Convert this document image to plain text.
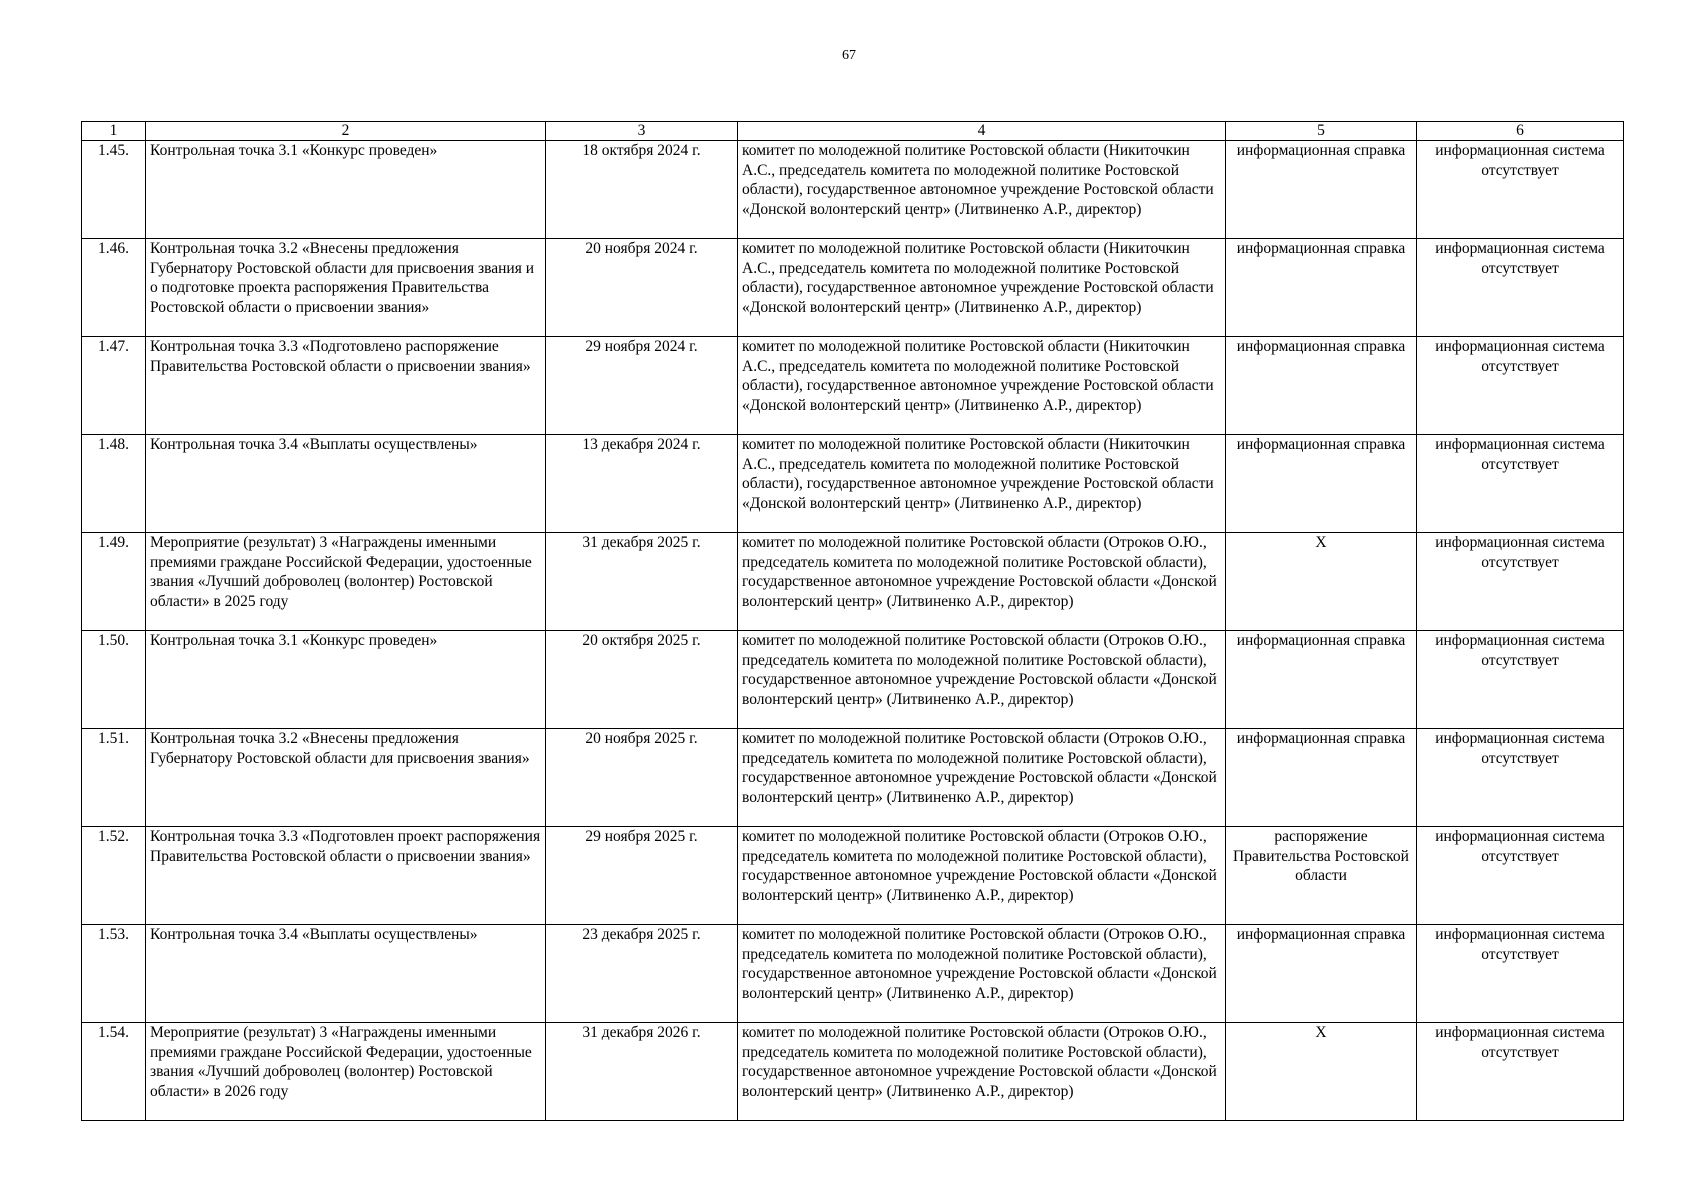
67
1	2	3	4	5	6
1.45.	Контрольная точка 3.1 «Конкурс проведен»	18 октября 2024 г.	комитет по молодежной политике Ростовской области (Никиточкин А.С., председатель комитета по молодежной политике Ростовской области), государственное автономное учреждение Ростовской области «Донской волонтерский центр» (Литвиненко А.Р., директор)	информационная справка	информационная система отсутствует
1.46.	Контрольная точка 3.2 «Внесены предложения Губернатору Ростовской области для присвоения звания и о подготовке проекта распоряжения Правительства Ростовской области о присвоении звания»	20 ноября 2024 г.	комитет по молодежной политике Ростовской области (Никиточкин А.С., председатель комитета по молодежной политике Ростовской области), государственное автономное учреждение Ростовской области «Донской волонтерский центр» (Литвиненко А.Р., директор)	информационная справка	информационная система отсутствует
1.47.	Контрольная точка 3.3 «Подготовлено распоряжение Правительства Ростовской области о присвоении звания»	29 ноября 2024 г.	комитет по молодежной политике Ростовской области (Никиточкин А.С., председатель комитета по молодежной политике Ростовской области), государственное автономное учреждение Ростовской области «Донской волонтерский центр» (Литвиненко А.Р., директор)	информационная справка	информационная система отсутствует
1.48.	Контрольная точка 3.4 «Выплаты осуществлены»	13 декабря 2024 г.	комитет по молодежной политике Ростовской области (Никиточкин А.С., председатель комитета по молодежной политике Ростовской области), государственное автономное учреждение Ростовской области «Донской волонтерский центр» (Литвиненко А.Р., директор)	информационная справка	информационная система отсутствует
1.49.	Мероприятие (результат) 3 «Награждены именными премиями граждане Российской Федерации, удостоенные звания «Лучший доброволец (волонтер) Ростовской области» в 2025 году	31 декабря 2025 г.	комитет по молодежной политике Ростовской области (Отроков О.Ю., председатель комитета по молодежной политике Ростовской области), государственное автономное учреждение Ростовской области «Донской волонтерский центр» (Литвиненко А.Р., директор)	Х	информационная система отсутствует
1.50.	Контрольная точка 3.1 «Конкурс проведен»	20 октября 2025 г.	комитет по молодежной политике Ростовской области (Отроков О.Ю., председатель комитета по молодежной политике Ростовской области), государственное автономное учреждение Ростовской области «Донской волонтерский центр» (Литвиненко А.Р., директор)	информационная справка	информационная система отсутствует
1.51.	Контрольная точка 3.2 «Внесены предложения Губернатору Ростовской области для присвоения звания»	20 ноября 2025 г.	комитет по молодежной политике Ростовской области (Отроков О.Ю., председатель комитета по молодежной политике Ростовской области), государственное автономное учреждение Ростовской области «Донской волонтерский центр» (Литвиненко А.Р., директор)	информационная справка	информационная система отсутствует
1.52.	Контрольная точка 3.3 «Подготовлен проект распоряжения Правительства Ростовской области о присвоении звания»	29 ноября 2025 г.	комитет по молодежной политике Ростовской области (Отроков О.Ю., председатель комитета по молодежной политике Ростовской области), государственное автономное учреждение Ростовской области «Донской волонтерский центр» (Литвиненко А.Р., директор)	распоряжение Правительства Ростовской области	информационная система отсутствует
1.53.	Контрольная точка 3.4 «Выплаты осуществлены»	23 декабря 2025 г.	комитет по молодежной политике Ростовской области (Отроков О.Ю., председатель комитета по молодежной политике Ростовской области), государственное автономное учреждение Ростовской области «Донской волонтерский центр» (Литвиненко А.Р., директор)	информационная справка	информационная система отсутствует
1.54.	Мероприятие (результат) 3 «Награждены именными премиями граждане Российской Федерации, удостоенные звания «Лучший доброволец (волонтер) Ростовской области» в 2026 году	31 декабря 2026 г.	комитет по молодежной политике Ростовской области (Отроков О.Ю., председатель комитета по молодежной политике Ростовской области), государственное автономное учреждение Ростовской области «Донской волонтерский центр» (Литвиненко А.Р., директор)	Х	информационная система отсутствует
